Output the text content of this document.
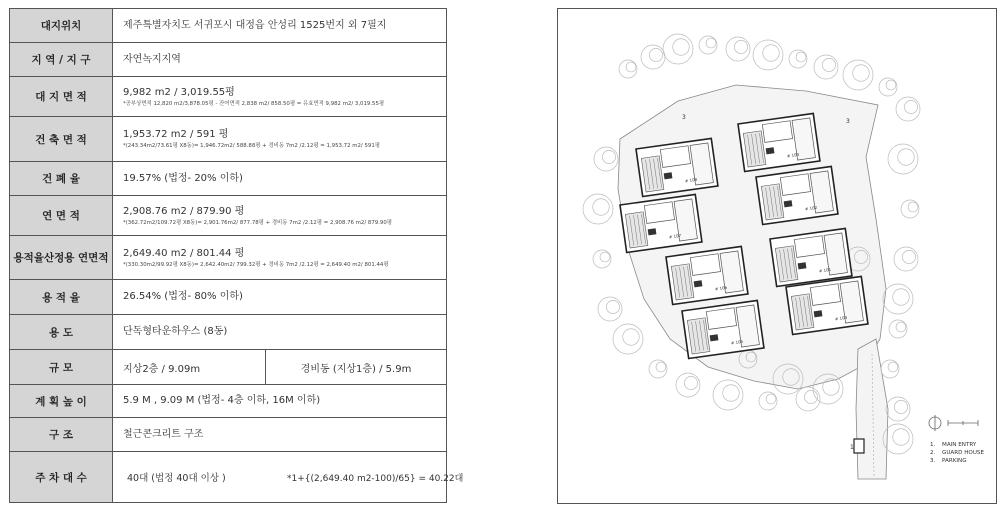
대지위치	제주특별자치도 서귀포시 대정읍 안성리 1525번지 외 7필지
지 역 / 지 구	자연녹지지역
대 지 면 적	9,982 m2 / 3,019.55평
*공부상면적 12,820 m2/3,878.05평 - 잔여면적 2,838 m2/ 858.50평 = 유효면적 9,982 m2/ 3,019.55평
건 축 면 적	1,953.72 m2 / 591 평
*(243.34m2/73.61평 X8동)= 1,946.72m2/ 588.88평 + 경비동 7m2 /2.12평 = 1,953.72 m2/ 591평
건 폐 율	19.57% (법정- 20% 이하)
연 면 적	2,908.76 m2 / 879.90 평
*(362.72m2/109.72평 X8동)= 2,901.76m2/ 877.78평 + 경비동 7m2 /2.12평 = 2,908.76 m2/ 879.90평
용적율산정용 연면적	2,649.40 m2 / 801.44 평
*(330.30m2/99.92평 X8동)= 2,642.40m2/ 799.32평 + 경비동 7m2 /2.12평 = 2,649.40 m2/ 801.44평
용 적 율	26.54% (법정- 80% 이하)
용 도	단독형타운하우스 (8동)
규 모	지상2층 / 9.09m	경비동 (지상1층) / 5.9m
계 획 높 이	5.9 M , 9.09 M (법정- 4층 이하, 16M 이하)
구 조	철근콘크리트 구조
주 차 대 수	40대 (법정 40대 이상 )	*1+{(2,649.40 m2-100)/65} = 40.22대
# 108
# 103
# 107
# 102
# 106
# 101
# 105
# 104
3
3
1	1.	MAIN ENTRY
2.	GUARD HOUSE
3.	PARKING
